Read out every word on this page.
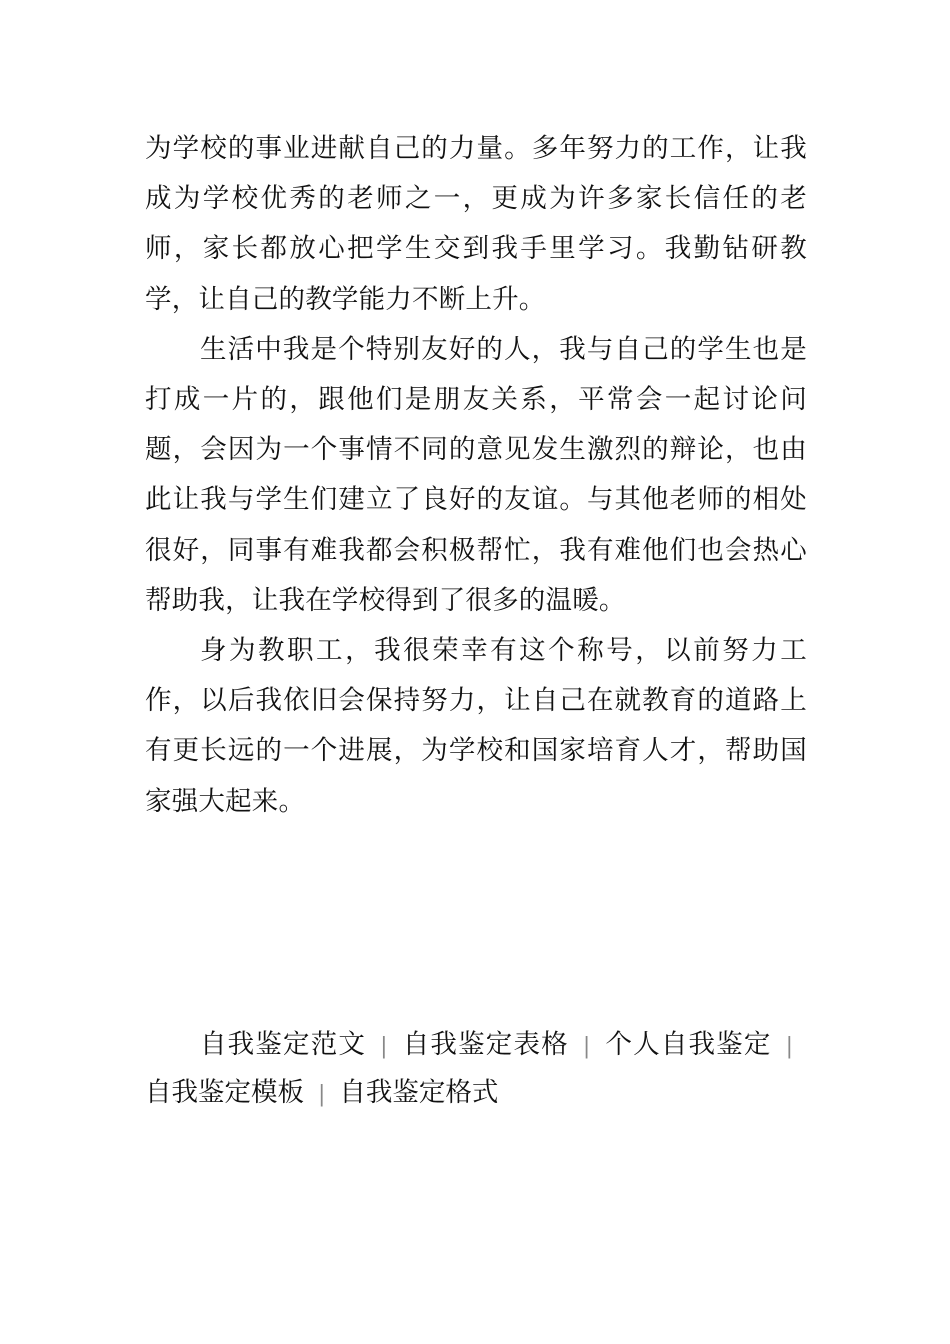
为学校的事业进献自己的力量。多年努力的工作，让我成为学校优秀的老师之一，更成为许多家长信任的老师，家长都放心把学生交到我手里学习。我勤钻研教学，让自己的教学能力不断上升。

生活中我是个特别友好的人，我与自己的学生也是打成一片的，跟他们是朋友关系，平常会一起讨论问题，会因为一个事情不同的意见发生激烈的辩论，也由此让我与学生们建立了良好的友谊。与其他老师的相处很好，同事有难我都会积极帮忙，我有难他们也会热心帮助我，让我在学校得到了很多的温暖。

身为教职工，我很荣幸有这个称号，以前努力工作，以后我依旧会保持努力，让自己在就教育的道路上有更长远的一个进展，为学校和国家培育人才，帮助国家强大起来。

自我鉴定范文 | 自我鉴定表格 | 个人自我鉴定 |自我鉴定模板 | 自我鉴定格式
